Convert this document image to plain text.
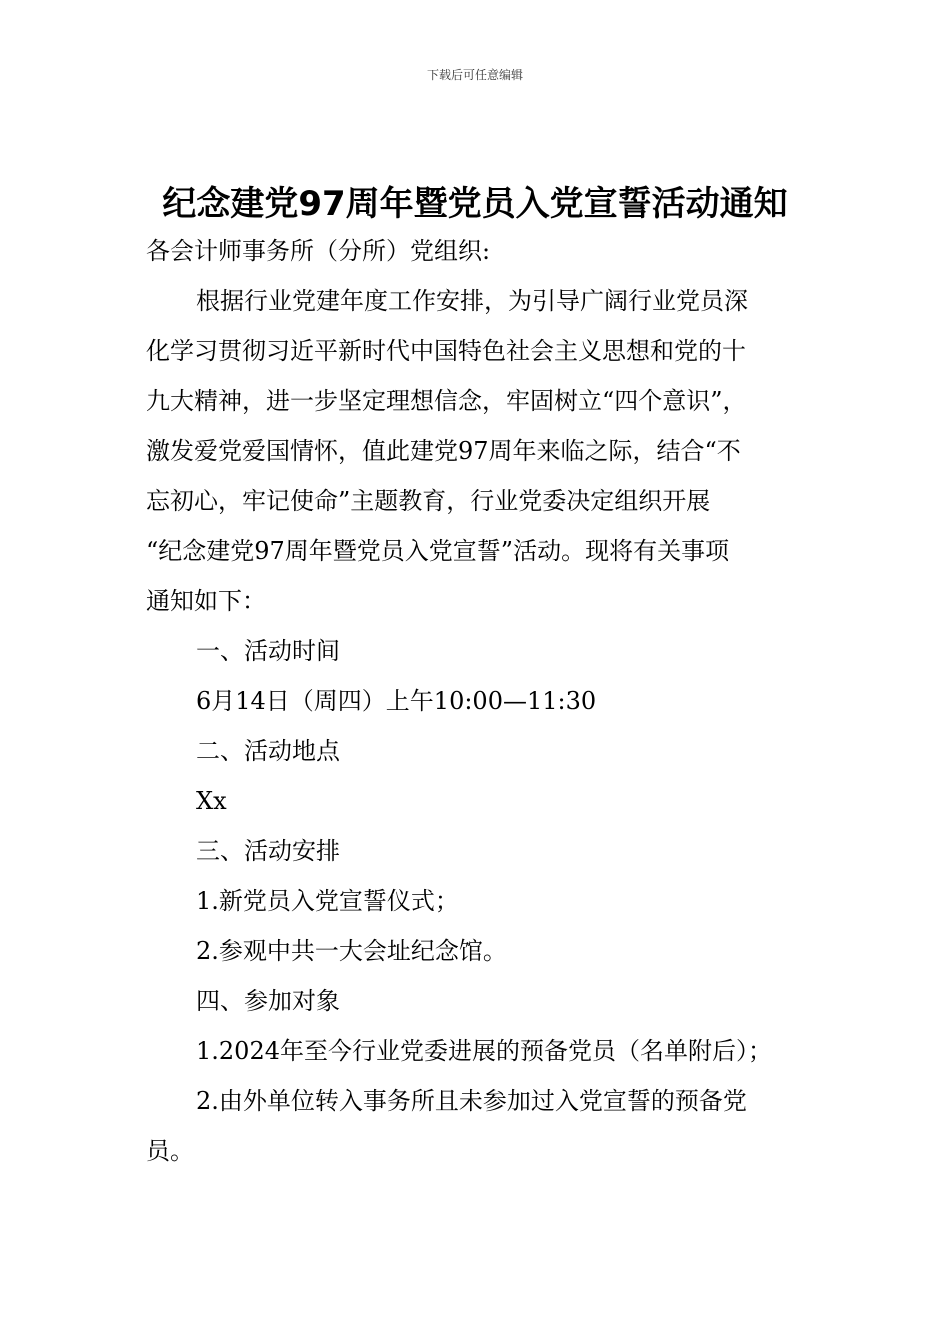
下载后可任意编辑
纪念建党97周年暨党员入党宣誓活动通知
各会计师事务所（分所）党组织:
根据行业党建年度工作安排，为引导广阔行业党员深
化学习贯彻习近平新时代中国特色社会主义思想和党的十
九大精神，进一步坚定理想信念，牢固树立“四个意识”，
激发爱党爱国情怀，值此建党97周年来临之际，结合“不
忘初心，牢记使命”主题教育，行业党委决定组织开展
“纪念建党97周年暨党员入党宣誓”活动。现将有关事项
通知如下：
一、活动时间
6月14日（周四）上午10:00—11:30
二、活动地点
Xx
三、活动安排
1.新党员入党宣誓仪式；
2.参观中共一大会址纪念馆。
四、参加对象
1.2024年至今行业党委进展的预备党员（名单附后）；
2.由外单位转入事务所且未参加过入党宣誓的预备党
员。
